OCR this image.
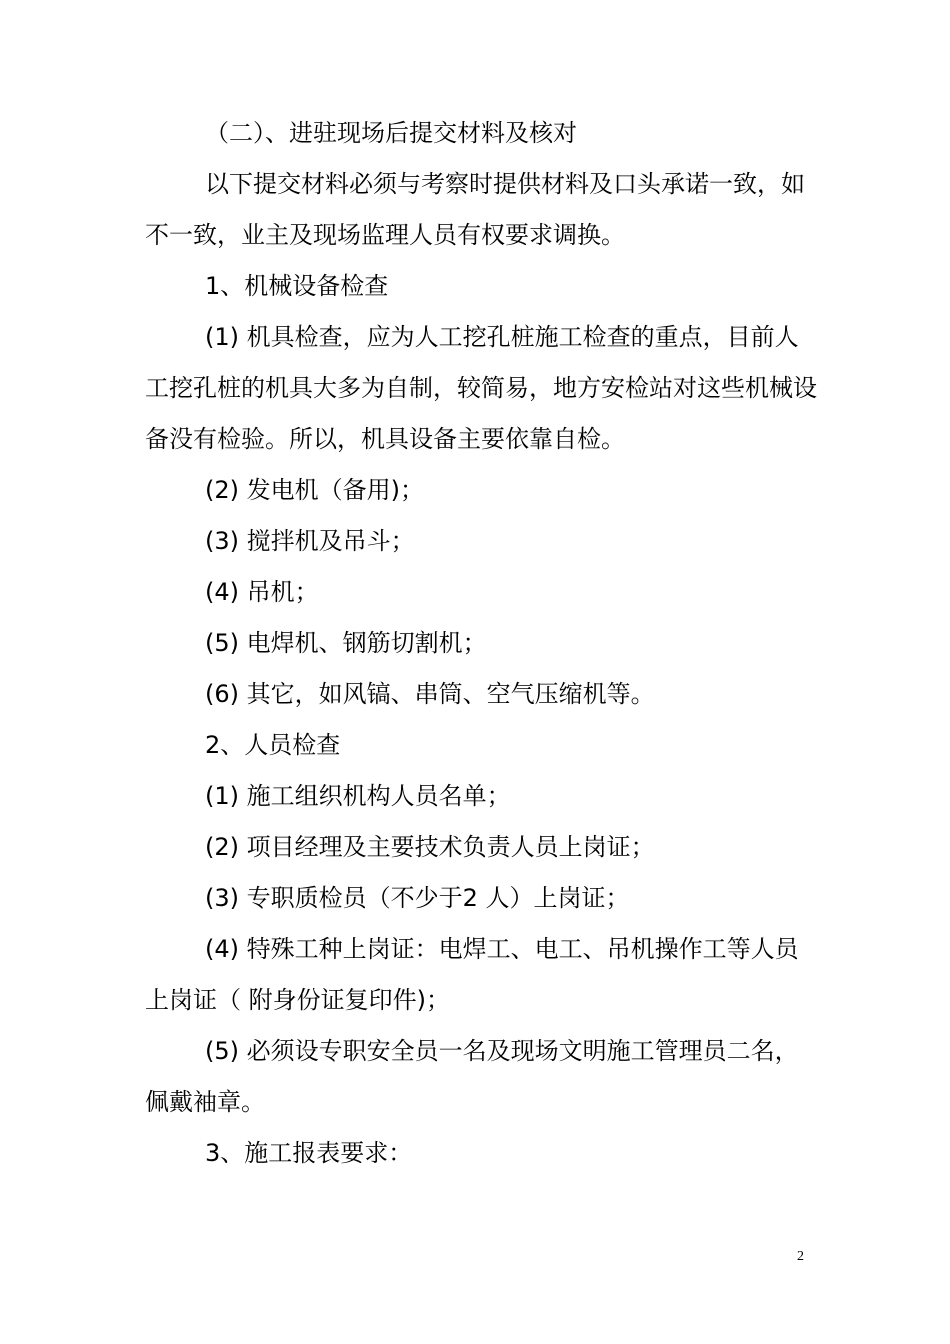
（二）、进驻现场后提交材料及核对
以下提交材料必须与考察时提供材料及口头承诺一致，如
不一致，业主及现场监理人员有权要求调换。
1、机械设备检查
(1) 机具检查，应为人工挖孔桩施工检查的重点，目前人
工挖孔桩的机具大多为自制，较简易，地方安检站对这些机械设
备没有检验。所以，机具设备主要依靠自检。
(2) 发电机（备用)；
(3) 搅拌机及吊斗；
(4) 吊机；
(5) 电焊机、钢筋切割机；
(6) 其它，如风镐、串筒、空气压缩机等。
2、人员检查
(1) 施工组织机构人员名单；
(2) 项目经理及主要技术负责人员上岗证；
(3) 专职质检员（不少于2 人）上岗证；
(4) 特殊工种上岗证：电焊工、电工、吊机操作工等人员
上岗证（ 附身份证复印件)；
(5) 必须设专职安全员一名及现场文明施工管理员二名，
佩戴袖章。
3、施工报表要求：
2
